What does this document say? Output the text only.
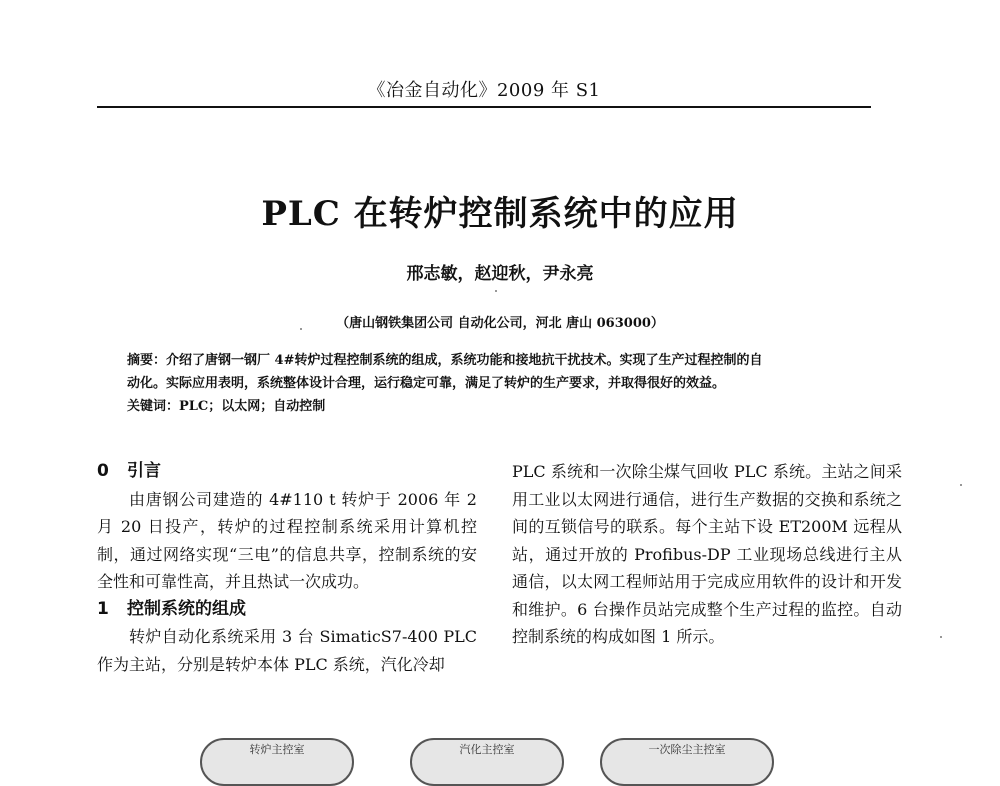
《冶金自动化》2009 年 S1
PLC 在转炉控制系统中的应用
邢志敏，赵迎秋，尹永亮
（唐山钢铁集团公司 自动化公司，河北 唐山 063000）

摘要：介绍了唐钢一钢厂 4#转炉过程控制系统的组成，系统功能和接地抗干扰技术。实现了生产过程控制的自

动化。实际应用表明，系统整体设计合理，运行稳定可靠，满足了转炉的生产要求，并取得很好的效益。

关键词：PLC；以太网；自动控制

0 引言

由唐钢公司建造的 4#110 t 转炉于 2006 年 2 月 20 日投产，转炉的过程控制系统采用计算机控制，通过网络实现“三电”的信息共享，控制系统的安全性和可靠性高，并且热试一次成功。

1 控制系统的组成

转炉自动化系统采用 3 台 SimaticS7-400 PLC 作为主站，分别是转炉本体 PLC 系统，汽化冷却

PLC 系统和一次除尘煤气回收 PLC 系统。主站之间采用工业以太网进行通信，进行生产数据的交换和系统之间的互锁信号的联系。每个主站下设 ET200M 远程从站，通过开放的 Profibus-DP 工业现场总线进行主从通信，以太网工程师站用于完成应用软件的设计和开发和维护。6 台操作员站完成整个生产过程的监控。自动控制系统的构成如图 1 所示。

转炉主控室	汽化主控室	一次除尘主控室
